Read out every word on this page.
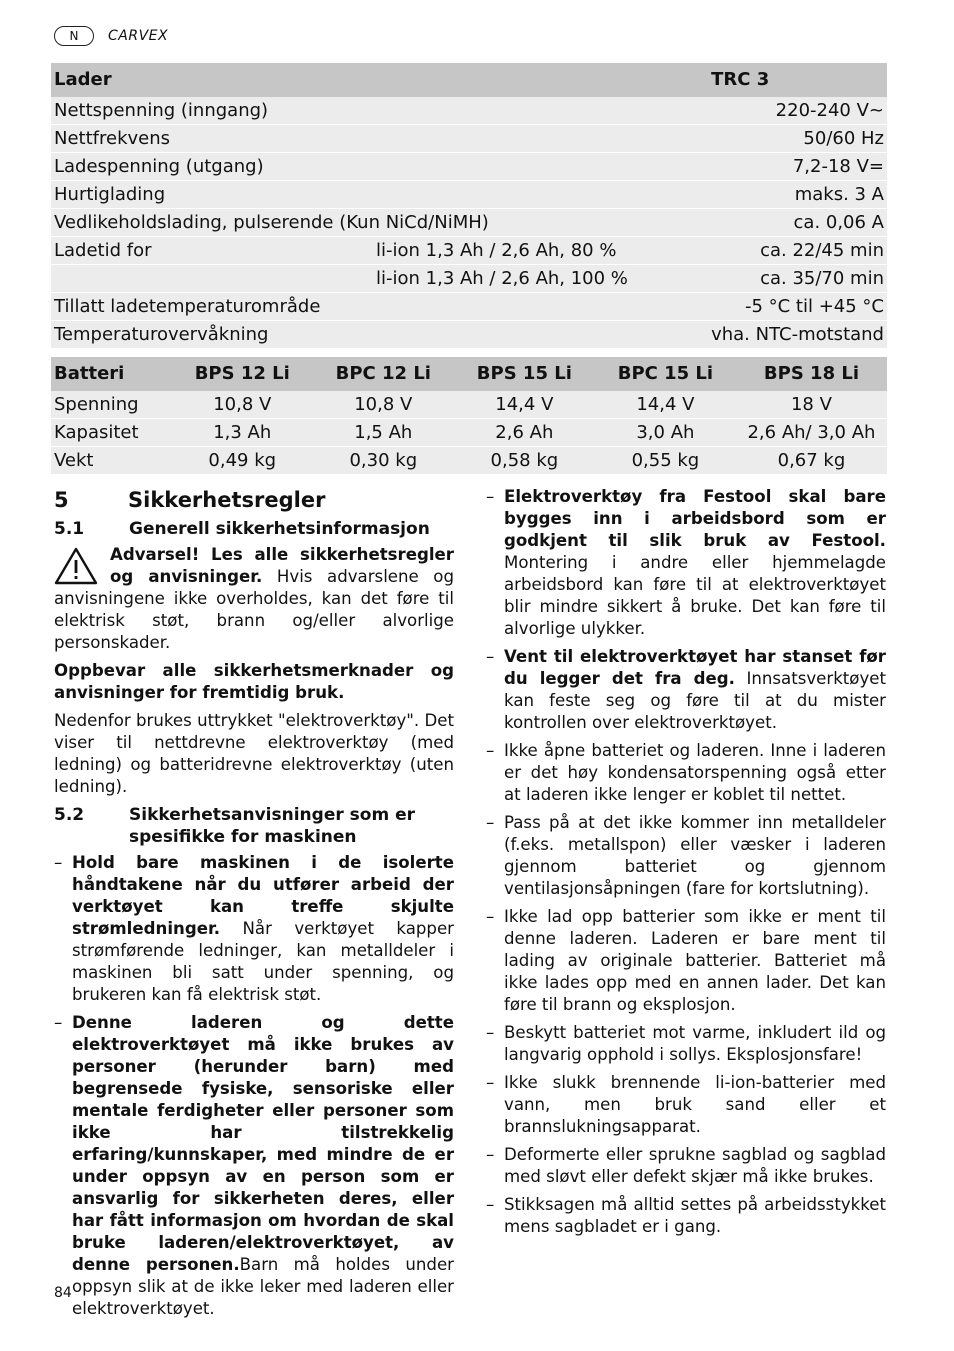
N	CARVEX
Lader		TRC 3
Nettspenning (inngang)		220-240 V~
Nettfrekvens		50/60 Hz
Ladespenning (utgang)		7,2-18 V=
Hurtiglading		maks. 3 A
Vedlikeholdslading, pulserende (Kun NiCd/NiMH)		ca. 0,06 A
Ladetid for	li-ion 1,3 Ah / 2,6 Ah, 80 %	ca. 22/45 min
	li-ion 1,3 Ah / 2,6 Ah, 100 %	ca. 35/70 min
Tillatt ladetemperaturområde		-5 °C til +45 °C
Temperaturovervåkning		vha. NTC-motstand
Batteri	BPS 12 Li	BPC 12 Li	BPS 15 Li	BPC 15 Li	BPS 18 Li
Spenning	10,8 V	10,8 V	14,4 V	14,4 V	18 V
Kapasitet	1,3 Ah	1,5 Ah	2,6 Ah	3,0 Ah	2,6 Ah/ 3,0 Ah
Vekt	0,49 kg	0,30 kg	0,58 kg	0,55 kg	0,67 kg
5	Sikkerhetsregler
5.1	Generell sikkerhetsinformasjon
Advarsel! Les alle sikkerhetsregler og anvisninger. Hvis advarslene og anvisningene ikke overholdes, kan det føre til elektrisk støt, brann og/eller alvorlige personskader.

Oppbevar alle sikkerhetsmerknader og anvisninger for fremtidig bruk.

Nedenfor brukes uttrykket "elektroverktøy". Det viser til nettdrevne elektroverktøy (med ledning) og batteridrevne elektroverktøy (uten ledning).

5.2	Sikkerhetsanvisninger som er spesifikke for maskinen
– Hold bare maskinen i de isolerte håndtakene når du utfører arbeid der verktøyet kan treffe skjulte strømledninger. Når verktøyet kapper strømførende ledninger, kan metalldeler i maskinen bli satt under spenning, og brukeren kan få elektrisk støt.
– Denne laderen og dette elektroverktøyet må ikke brukes av personer (herunder barn) med begrensede fysiske, sensoriske eller mentale ferdigheter eller personer som ikke har tilstrekkelig erfaring/kunnskaper, med mindre de er under oppsyn av en person som er ansvarlig for sikkerheten deres, eller har fått informasjon om hvordan de skal bruke laderen/elektroverktøyet, av denne personen.Barn må holdes under oppsyn slik at de ikke leker med laderen eller elektroverktøyet.
– Elektroverktøy fra Festool skal bare bygges inn i arbeidsbord som er godkjent til slik bruk av Festool. Montering i andre eller hjemmelagde arbeidsbord kan føre til at elektroverktøyet blir mindre sikkert å bruke. Det kan føre til alvorlige ulykker.
– Vent til elektroverktøyet har stanset før du legger det fra deg. Innsatsverktøyet kan feste seg og føre til at du mister kontrollen over elektroverktøyet.
– Ikke åpne batteriet og laderen. Inne i laderen er det høy kondensatorspenning også etter at laderen ikke lenger er koblet til nettet.
– Pass på at det ikke kommer inn metalldeler (f.eks. metallspon) eller væsker i laderen gjennom batteriet og gjennom ventilasjonsåpningen (fare for kortslutning).
– Ikke lad opp batterier som ikke er ment til denne laderen. Laderen er bare ment til lading av originale batterier. Batteriet må ikke lades opp med en annen lader. Det kan føre til brann og eksplosjon.
– Beskytt batteriet mot varme, inkludert ild og langvarig opphold i sollys. Eksplosjonsfare!
– Ikke slukk brennende li-ion-batterier med vann, men bruk sand eller et brannslukningsapparat.
– Deformerte eller sprukne sagblad og sagblad med sløvt eller defekt skjær må ikke brukes.
– Stikksagen må alltid settes på arbeidsstykket mens sagbladet er i gang.
84
